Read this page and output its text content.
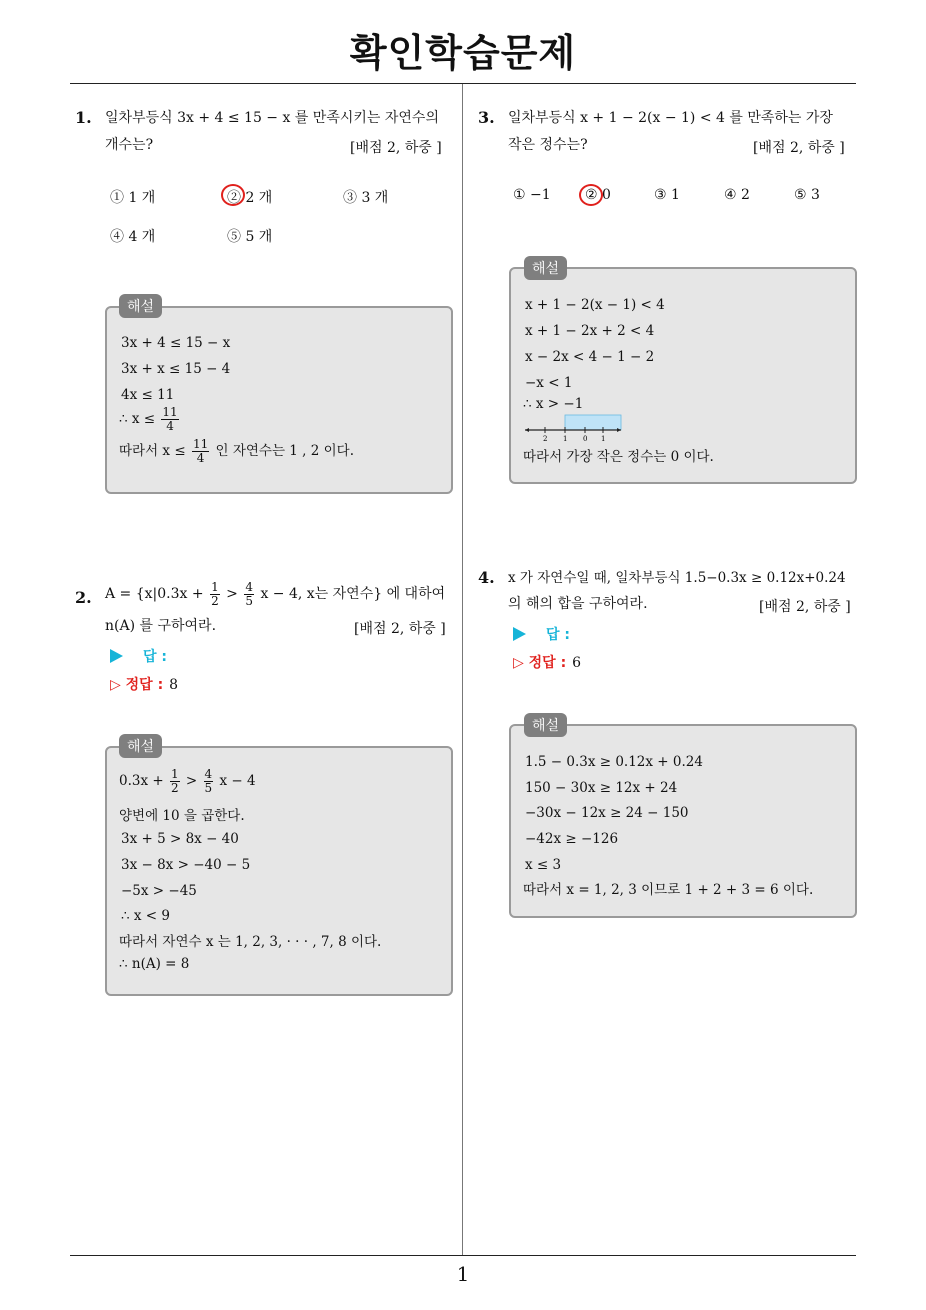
확인학습문제
1
1. 일차부등식 3x + 4 ≤ 15 − x 를 만족시키는 자연수의
개수는?	[배점 2, 하중 ]
① 1 개	② 2 개	③ 3 개
④ 4 개	⑤ 5 개
3x + 4 ≤ 15 − x
3x + x ≤ 15 − 4
4x ≤ 11
∴ $x \le \frac{11}{4}$
따라서 $x \le \frac{11}{4}$ 인 자연수는 1 , 2 이다.
해설
2. $A = \{x|0.3x + \frac{1}{2} > \frac{4}{5}$ x − 4, x는 자연수} 에 대하여
n(A) 를 구하여라.	[배점 2, 하중 ]
답 :
▷ 정답 : 8
$0.3x + \frac{1}{2} > \frac{4}{5}$ x − 4
양변에 10 을 곱한다.
3x + 5 > 8x − 40
3x − 8x > −40 − 5
−5x > −45
∴ x < 9
따라서 자연수 x 는 1, 2, 3, · · · , 7, 8 이다.
∴ n(A) = 8
해설
3. 일차부등식 x + 1 − 2(x − 1) < 4 를 만족하는 가장
작은 정수는?	[배점 2, 하중 ]
① −1 ② 0	③ 1	④ 2	⑤ 3
x + 1 − 2(x − 1) < 4
x + 1 − 2x + 2 < 4
x − 2x < 4 − 1 − 2
−x < 1
∴ x > −1
2 1 0 1
따라서 가장 작은 정수는 0 이다.
해설
4. x 가 자연수일 때, 일차부등식 1.5−0.3x ≥ 0.12x+0.24
의 해의 합을 구하여라.	[배점 2, 하중 ]
답 :
▷ 정답 : 6
1.5 − 0.3x ≥ 0.12x + 0.24
150 − 30x ≥ 12x + 24
−30x − 12x ≥ 24 − 150
−42x ≥ −126
x ≤ 3
따라서 x = 1, 2, 3 이므로 1 + 2 + 3 = 6 이다.
해설
